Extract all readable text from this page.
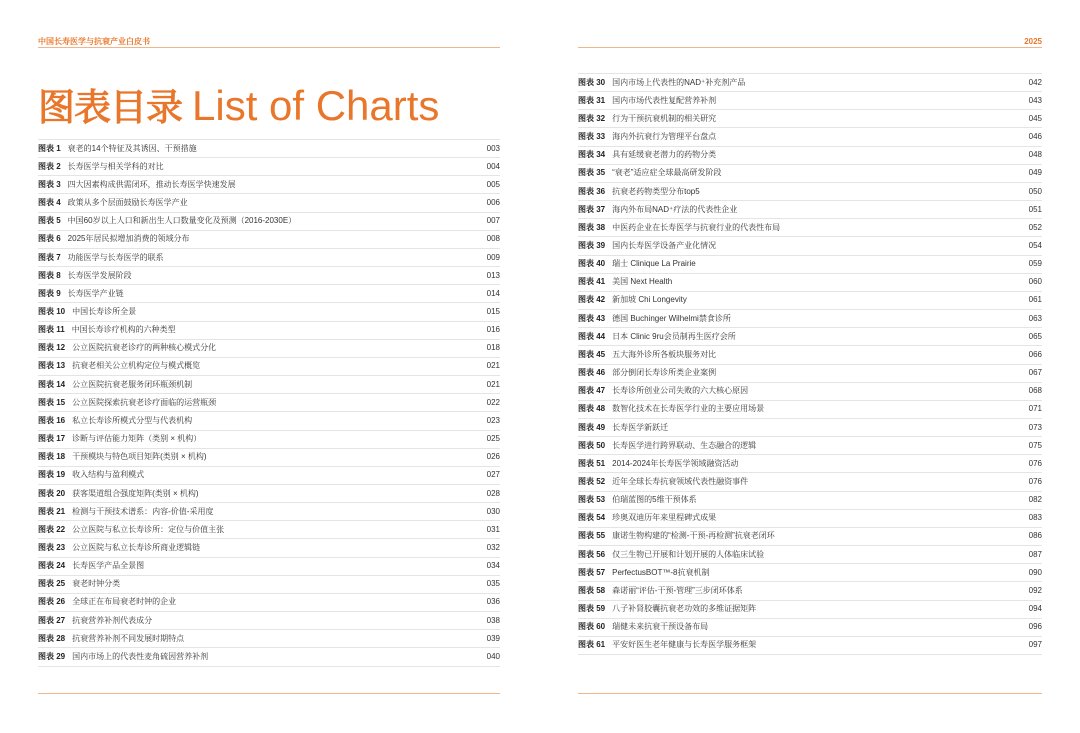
中国长寿医学与抗衰产业白皮书	2025
图表目录 List of Charts
图表 1 衰老的14个特征及其诱因、干预措施	003
图表 2 长寿医学与相关学科的对比	004
图表 3 四大因素构成供需闭环，推动长寿医学快速发展	005
图表 4 政策从多个层面鼓励长寿医学产业	006
图表 5 中国60岁以上人口和新出生人口数量变化及预测（2016-2030E）	007
图表 6 2025年居民拟增加消费的领域分布	008
图表 7 功能医学与长寿医学的联系	009
图表 8 长寿医学发展阶段	013
图表 9 长寿医学产业链	014
图表 10 中国长寿诊所全景	015
图表 11 中国长寿诊疗机构的六种类型	016
图表 12 公立医院抗衰老诊疗的两种核心模式分化	018
图表 13 抗衰老相关公立机构定位与模式概览	021
图表 14 公立医院抗衰老服务闭环瓶颈机制	021
图表 15 公立医院探索抗衰老诊疗面临的运营瓶颈	022
图表 16 私立长寿诊所模式分型与代表机构	023
图表 17 诊断与评估能力矩阵（类别 × 机构）	025
图表 18 干预模块与特色项目矩阵(类别 × 机构)	026
图表 19 收入结构与盈利模式	027
图表 20 获客渠道组合强度矩阵(类别 × 机构)	028
图表 21 检测与干预技术谱系：内容-价值-采用度	030
图表 22 公立医院与私立长寿诊所：定位与价值主张	031
图表 23 公立医院与私立长寿诊所商业逻辑链	032
图表 24 长寿医学产品全景图	034
图表 25 衰老时钟分类	035
图表 26 全球正在布局衰老时钟的企业	036
图表 27 抗衰营养补剂代表成分	038
图表 28 抗衰营养补剂不同发展时期特点	039
图表 29 国内市场上的代表性麦角硫因营养补剂	040
图表 30 国内市场上代表性的NAD⁺补充剂产品	042
图表 31 国内市场代表性复配营养补剂	043
图表 32 行为干预抗衰机制的相关研究	045
图表 33 海内外抗衰行为管理平台盘点	046
图表 34 具有延缓衰老潜力的药物分类	048
图表 35 “衰老”适应症全球最高研发阶段	049
图表 36 抗衰老药物类型分布top5	050
图表 37 海内外布局NAD⁺疗法的代表性企业	051
图表 38 中医药企业在长寿医学与抗衰行业的代表性布局	052
图表 39 国内长寿医学设备产业化情况	054
图表 40 瑞士 Clinique La Prairie	059
图表 41 美国 Next Health	060
图表 42 新加坡 Chi Longevity	061
图表 43 德国 Buchinger Wilhelmi禁食诊所	063
图表 44 日本 Clinic 9ru会员制再生医疗会所	065
图表 45 五大海外诊所各板块服务对比	066
图表 46 部分倒闭长寿诊所类企业案例	067
图表 47 长寿诊所创业公司失败的六大核心原因	068
图表 48 数智化技术在长寿医学行业的主要应用场景	071
图表 49 长寿医学新跃迁	073
图表 50 长寿医学进行跨界联动、生态融合的逻辑	075
图表 51 2014-2024年长寿医学领域融资活动	076
图表 52 近年全球长寿抗衰领域代表性融资事件	076
图表 53 伯瑞蓝图的5维干预体系	082
图表 54 珍奥双迪历年来里程碑式成果	083
图表 55 康诺生物构建的“检测-干预-再检测”抗衰老闭环	086
图表 56 仅三生物已开展和计划开展的人体临床试验	087
图表 57 PerfectusBOT™-8抗衰机制	090
图表 58 森诺丽“评估-干预-管理”三步闭环体系	092
图表 59 八子补肾胶囊抗衰老功效的多维证据矩阵	094
图表 60 瑞健未来抗衰干预设备布局	096
图表 61 平安好医生老年健康与长寿医学服务框架	097
